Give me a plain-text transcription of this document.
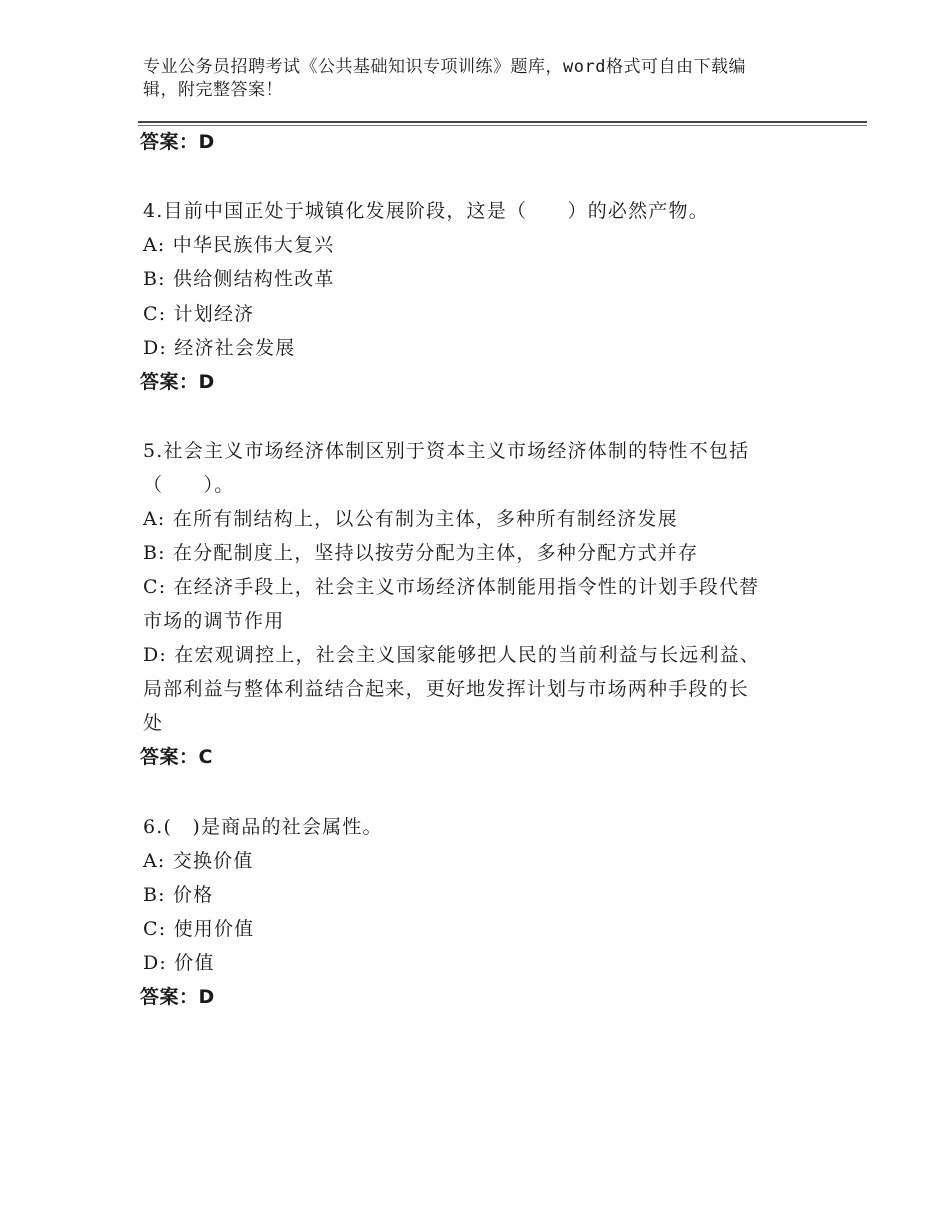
专业公务员招聘考试《公共基础知识专项训练》题库，word格式可自由下载编
辑，附完整答案！
答案：D
4.目前中国正处于城镇化发展阶段，这是（　　）的必然产物。
A: 中华民族伟大复兴
B: 供给侧结构性改革
C: 计划经济
D: 经济社会发展
答案：D
5.社会主义市场经济体制区别于资本主义市场经济体制的特性不包括
（　　）。
A: 在所有制结构上，以公有制为主体，多种所有制经济发展
B: 在分配制度上，坚持以按劳分配为主体，多种分配方式并存
C: 在经济手段上，社会主义市场经济体制能用指令性的计划手段代替
市场的调节作用
D: 在宏观调控上，社会主义国家能够把人民的当前利益与长远利益、
局部利益与整体利益结合起来，更好地发挥计划与市场两种手段的长
处
答案：C
6.(　)是商品的社会属性。
A: 交换价值
B: 价格
C: 使用价值
D: 价值
答案：D
